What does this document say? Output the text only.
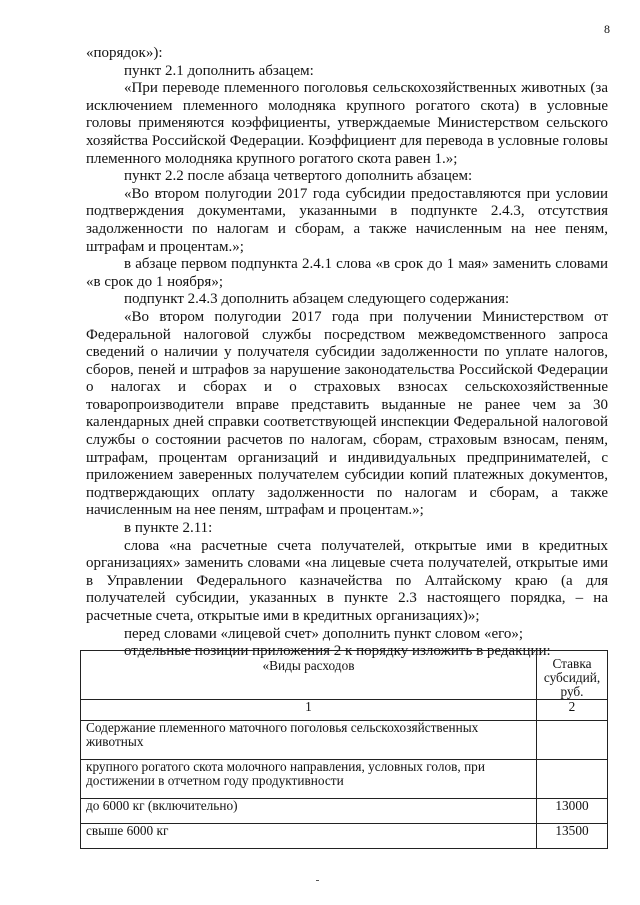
8

«порядок»):

пункт 2.1 дополнить абзацем:

«При переводе племенного поголовья сельскохозяйственных животных (за исключением племенного молодняка крупного рогатого скота) в условные головы применяются коэффициенты, утверждаемые Министерством сельского хозяйства Российской Федерации. Коэффициент для перевода в условные головы племенного молодняка крупного рогатого скота равен 1.»;

пункт 2.2 после абзаца четвертого дополнить абзацем:

«Во втором полугодии 2017 года субсидии предоставляются при условии подтверждения документами, указанными в подпункте 2.4.3, отсутствия задолженности по налогам и сборам, а также начисленным на нее пеням, штрафам и процентам.»;

в абзаце первом подпункта 2.4.1 слова «в срок до 1 мая» заменить словами «в срок до 1 ноября»;

подпункт 2.4.3 дополнить абзацем следующего содержания:

«Во втором полугодии 2017 года при получении Министерством от Федеральной налоговой службы посредством межведомственного запроса сведений о наличии у получателя субсидии задолженности по уплате налогов, сборов, пеней и штрафов за нарушение законодательства Российской Федерации о налогах и сборах и о страховых взносах сельскохозяйственные товаропроизводители вправе представить выданные не ранее чем за 30 календарных дней справки соответствующей инспекции Федеральной налоговой службы о состоянии расчетов по налогам, сборам, страховым взносам, пеням, штрафам, процентам организаций и индивидуальных предпринимателей, с приложением заверенных получателем субсидии копий платежных документов, подтверждающих оплату задолженности по налогам и сборам, а также начисленным на нее пеням, штрафам и процентам.»;

в пункте 2.11:

слова «на расчетные счета получателей, открытые ими в кредитных организациях» заменить словами «на лицевые счета получателей, открытые ими в Управлении Федерального казначейства по Алтайскому краю (а для получателей субсидии, указанных в пункте 2.3 настоящего порядка, – на расчетные счета, открытые ими в кредитных организациях)»;

перед словами «лицевой счет» дополнить пункт словом «его»;

отдельные позиции приложения 2 к порядку изложить в редакции:

«Виды расходов	Ставка субсидий, руб.
1	2
Содержание племенного маточного поголовья сельскохозяйственных животных	
крупного рогатого скота молочного направления, условных голов, при достижении в отчетном году продуктивности	
до 6000 кг (включительно)	13000
свыше 6000 кг	13500
